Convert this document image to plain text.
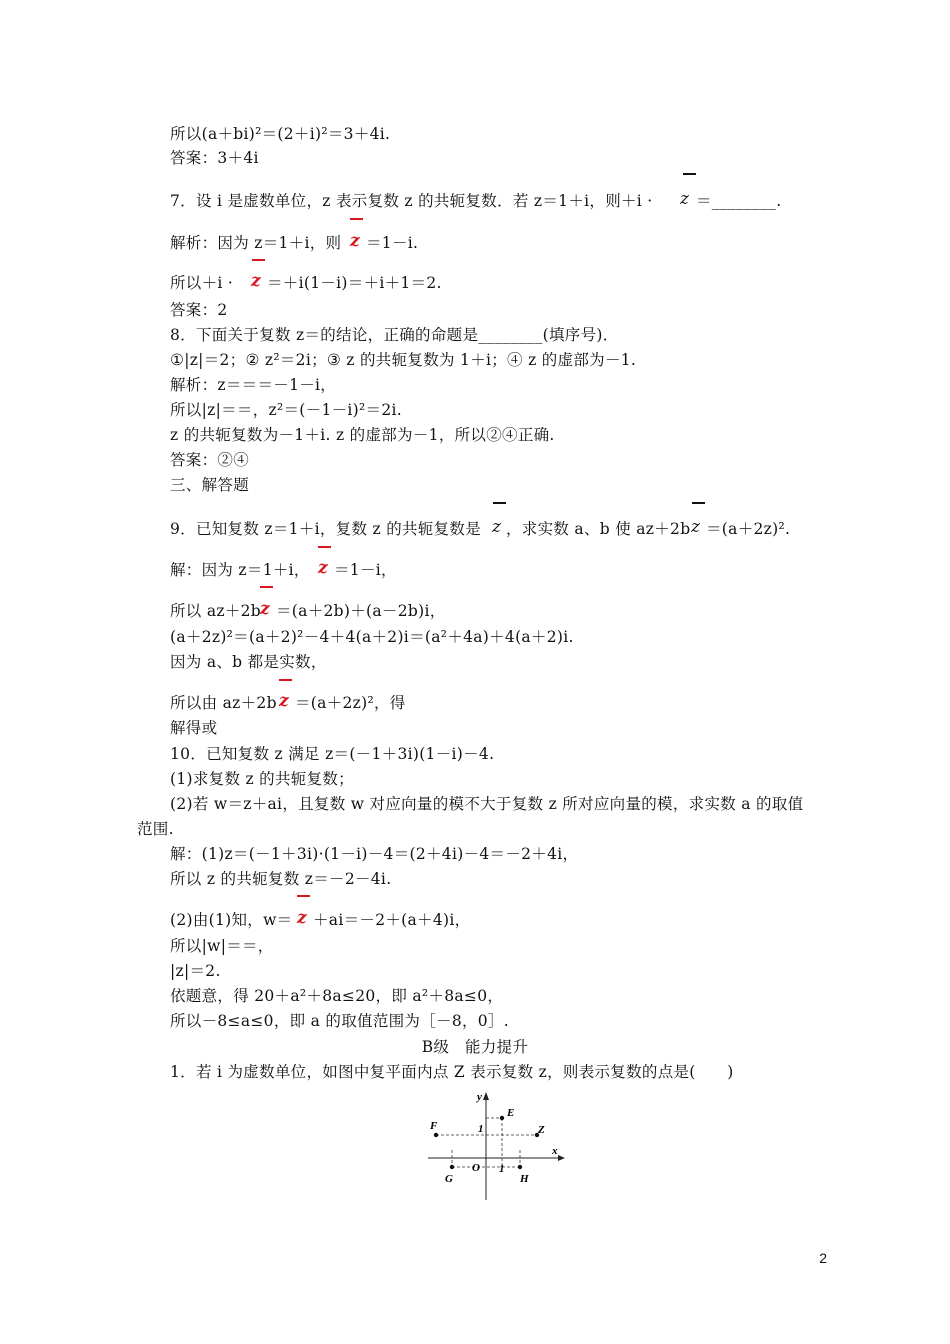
所以(a＋bi)²＝(2＋i)²＝3＋4i.
答案：3＋4i
7．设 i 是虚数单位，z 表示复数 z 的共轭复数．若 z＝1＋i，则＋i · z ＝________.
解析：因为 z＝1＋i，则 z ＝1－i.
所以＋i · z ＝＋i(1－i)＝＋i＋1＝2.
答案：2
8．下面关于复数 z＝的结论，正确的命题是________(填序号)．
①|z|＝2；② z²＝2i；③ z 的共轭复数为 1＋i；④ z 的虚部为－1.
解析：z＝＝＝－1－i，
所以|z|＝＝，z²＝(－1－i)²＝2i.
z 的共轭复数为－1＋i. z 的虚部为－1，所以②④正确.
答案：②④
三、解答题
9．已知复数 z＝1＋i，复数 z 的共轭复数是 z ，求实数 a、b 使 az＋2b z ＝(a＋2z)².
解：因为 z＝1＋i， z ＝1－i，
所以 az＋2b
z ＝(a＋2b)＋(a－2b)i，
(a＋2z)²＝(a＋2)²－4＋4(a＋2)i＝(a²＋4a)＋4(a＋2)i.
因为 a、b 都是实数，
所以由 az＋2b z ＝(a＋2z)²，得
解得或
10．已知复数 z 满足 z＝(－1＋3i)(1－i)－4.
(1)求复数 z 的共轭复数；
(2)若 w＝z＋ai，且复数 w 对应向量的模不大于复数 z 所对应向量的模，求实数 a 的取值
范围.
解：(1)z＝(－1＋3i)·(1－i)－4＝(2＋4i)－4＝－2＋4i，
所以 z 的共轭复数 z＝－2－4i.
(2)由(1)知，w＝ z ＋ai＝－2＋(a＋4)i，
所以|w|＝＝，
|z|＝2.
依题意，得 20＋a²＋8a≤20，即 a²＋8a≤0，
所以－8≤a≤0，即 a 的取值范围为［－8，0］.
B级　能力提升
1．若 i 为虚数单位，如图中复平面内点 Z 表示复数 z，则表示复数的点是(　　)
y
x
O
1
1
E
F	Z
G	H
2
